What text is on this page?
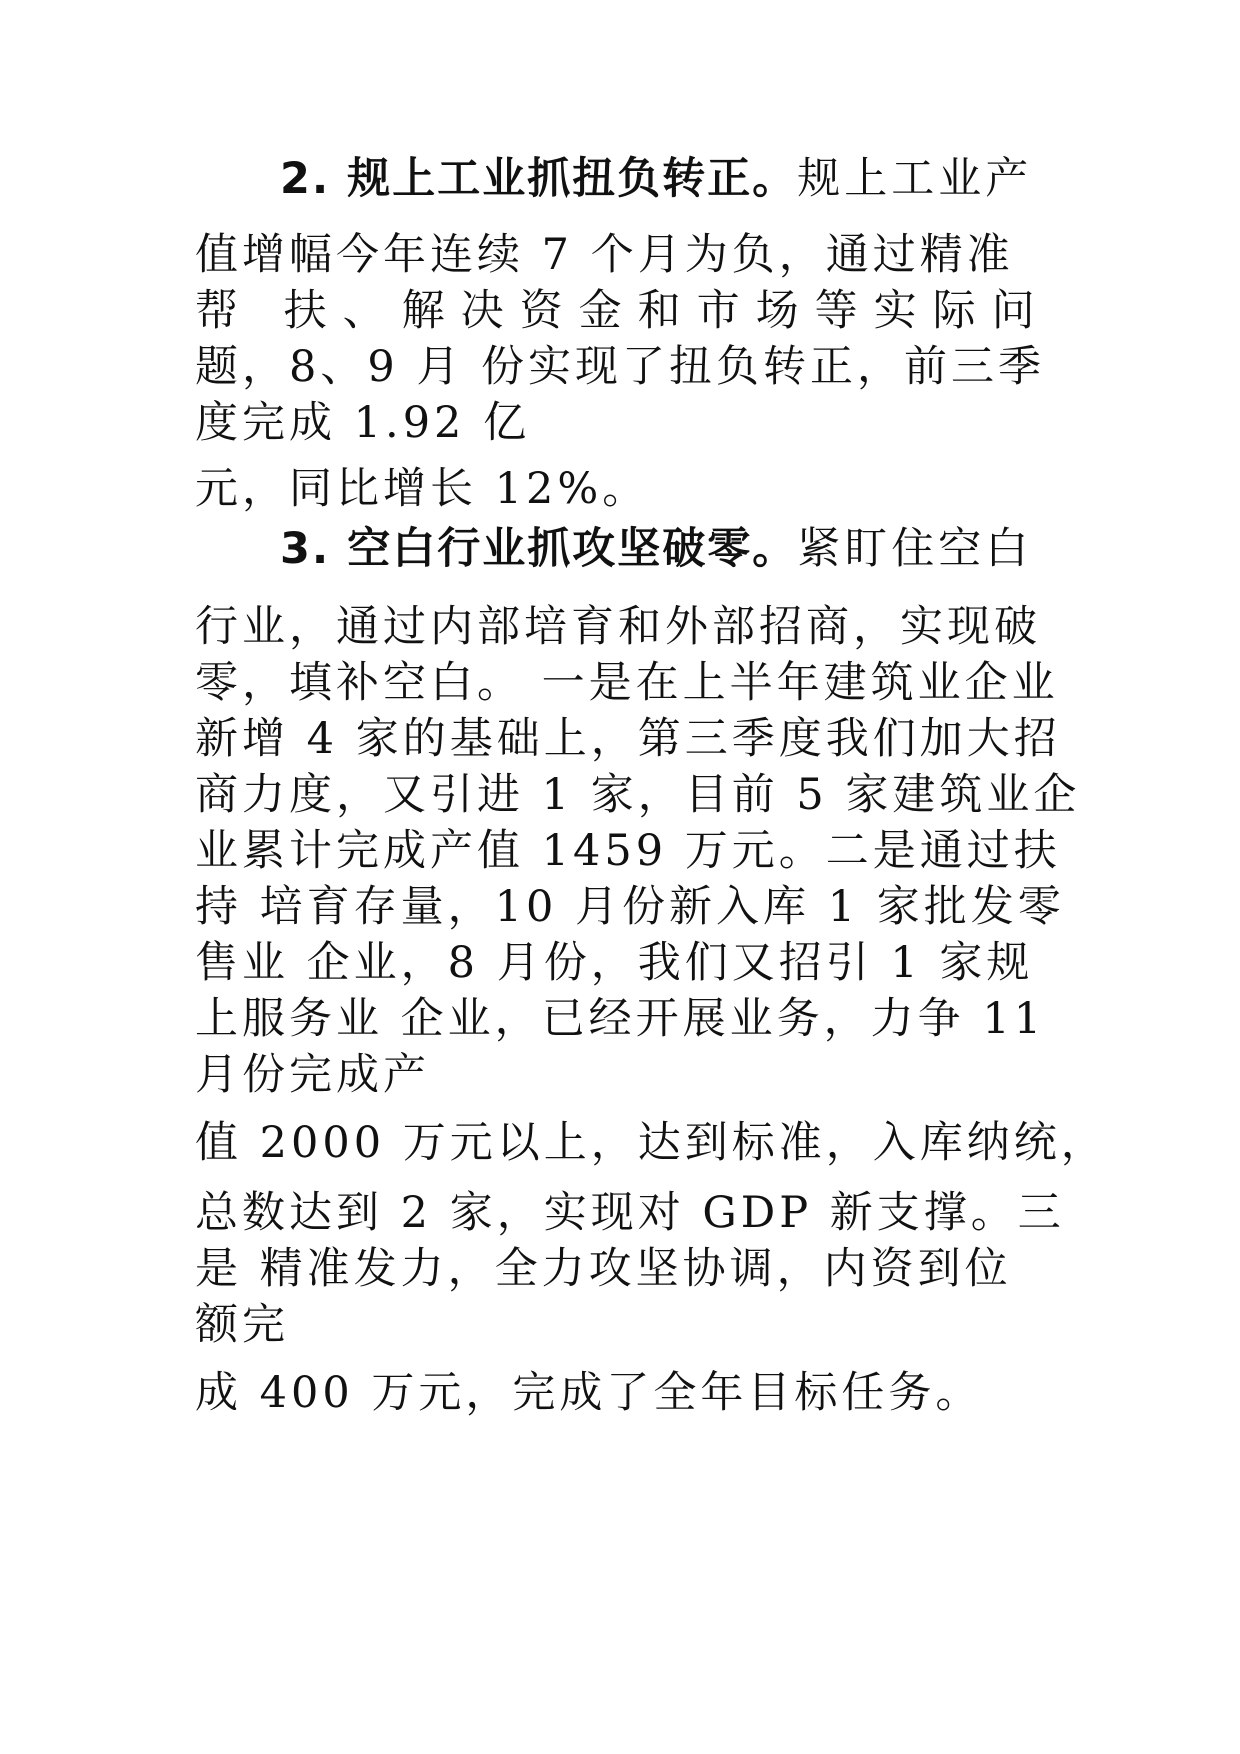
2. 规上工业抓扭负转正。规上工业产
值增幅今年连续 7 个月为负，通过精准
帮 扶、解决资金和市场等实际问
题，8、9 月 份实现了扭负转正，前三季
度完成 1.92 亿
元，同比增长 12%。
3. 空白行业抓攻坚破零。紧盯住空白
行业，通过内部培育和外部招商，实现破
零，填补空白。 一是在上半年建筑业企业
新增 4 家的基础上，第三季度我们加大招
商力度，又引进 1 家，目前 5 家建筑业企
业累计完成产值 1459 万元。二是通过扶
持 培育存量，10 月份新入库 1 家批发零
售业 企业，8 月份，我们又招引 1 家规
上服务业 企业，已经开展业务，力争 11
月份完成产
值 2000 万元以上，达到标准，入库纳统，
总数达到 2 家，实现对 GDP 新支撑。三
是 精准发力，全力攻坚协调，内资到位
额完
成 400 万元，完成了全年目标任务。
